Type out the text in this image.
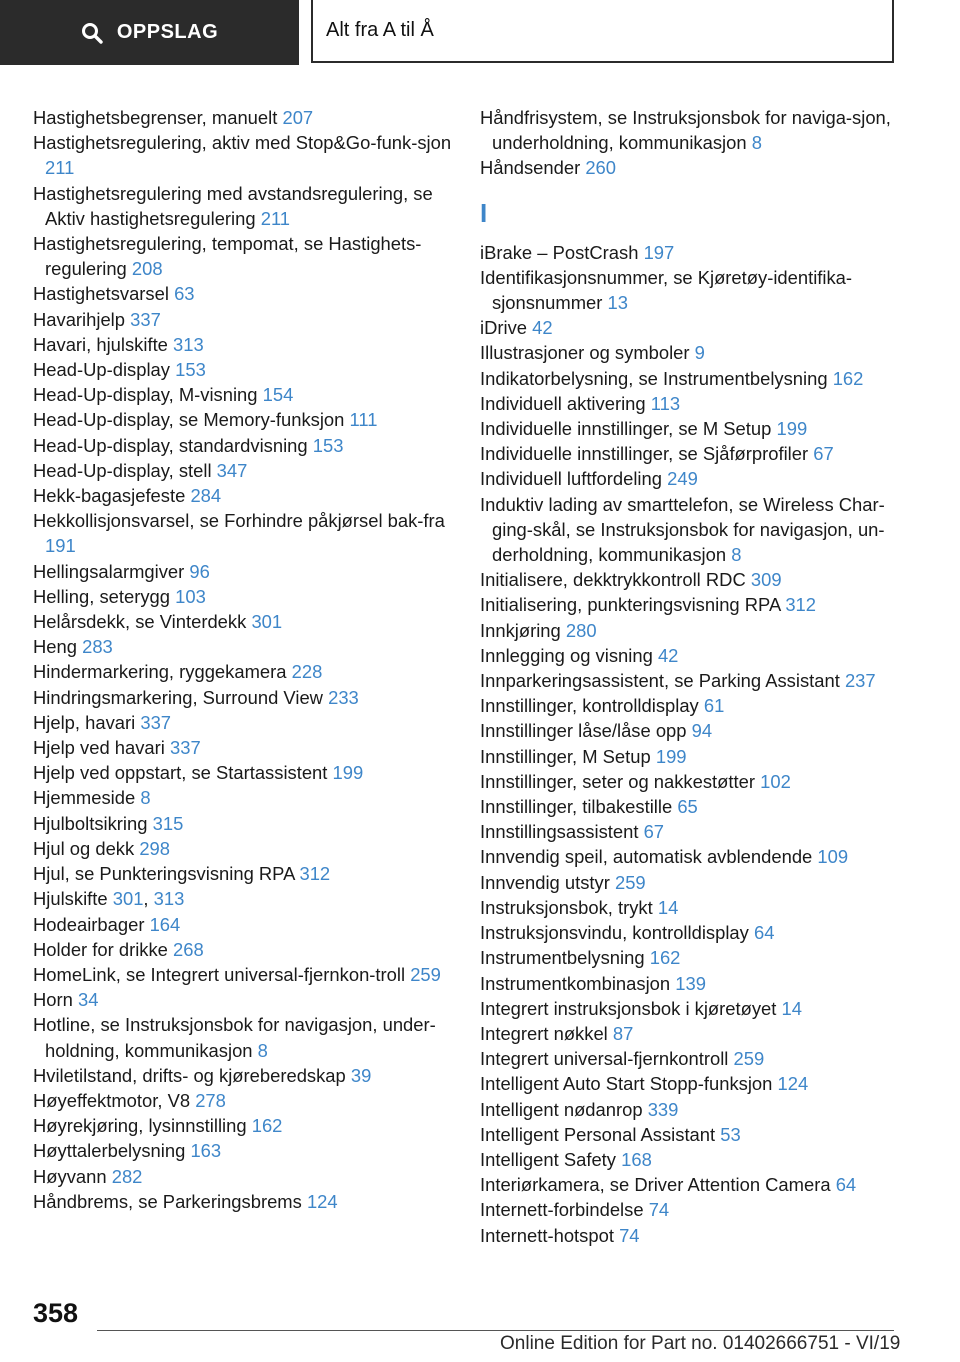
OPPSLAG	Alt fra A til Å

Hastighetsbegrenser, manuelt 207

Hastighetsregulering, aktiv med Stop&Go-funk-sjon 211

Hastighetsregulering med avstandsregulering, se Aktiv hastighetsregulering 211

Hastighetsregulering, tempomat, se Hastighets-regulering 208

Hastighetsvarsel 63

Havarihjelp 337

Havari, hjulskifte 313

Head-Up-display 153

Head-Up-display, M-visning 154

Head-Up-display, se Memory-funksjon 111

Head-Up-display, standardvisning 153

Head-Up-display, stell 347

Hekk-bagasjefeste 284

Hekkollisjonsvarsel, se Forhindre påkjørsel bak-fra 191

Hellingsalarmgiver 96

Helling, seterygg 103

Helårsdekk, se Vinterdekk 301

Heng 283

Hindermarkering, ryggekamera 228

Hindringsmarkering, Surround View 233

Hjelp, havari 337

Hjelp ved havari 337

Hjelp ved oppstart, se Startassistent 199

Hjemmeside 8

Hjulboltsikring 315

Hjul og dekk 298

Hjul, se Punkteringsvisning RPA 312

Hjulskifte 301, 313

Hodeairbager 164

Holder for drikke 268

HomeLink, se Integrert universal-fjernkon-troll 259

Horn 34

Hotline, se Instruksjonsbok for navigasjon, under-holdning, kommunikasjon 8

Hviletilstand, drifts- og kjøreberedskap 39

Høyeffektmotor, V8 278

Høyrekjøring, lysinnstilling 162

Høyttalerbelysning 163

Høyvann 282

Håndbrems, se Parkeringsbrems 124

Håndfrisystem, se Instruksjonsbok for naviga-sjon, underholdning, kommunikasjon 8

Håndsender 260

I

iBrake – PostCrash 197

Identifikasjonsnummer, se Kjøretøy-identifika-sjonsnummer 13

iDrive 42

Illustrasjoner og symboler 9

Indikatorbelysning, se Instrumentbelysning 162

Individuell aktivering 113

Individuelle innstillinger, se M Setup 199

Individuelle innstillinger, se Sjåførprofiler 67

Individuell luftfordeling 249

Induktiv lading av smarttelefon, se Wireless Char-ging-skål, se Instruksjonsbok for navigasjon, un-derholdning, kommunikasjon 8

Initialisere, dekktrykkontroll RDC 309

Initialisering, punkteringsvisning RPA 312

Innkjøring 280

Innlegging og visning 42

Innparkeringsassistent, se Parking Assistant 237

Innstillinger, kontrolldisplay 61

Innstillinger låse/låse opp 94

Innstillinger, M Setup 199

Innstillinger, seter og nakkestøtter 102

Innstillinger, tilbakestille 65

Innstillingsassistent 67

Innvendig speil, automatisk avblendende 109

Innvendig utstyr 259

Instruksjonsbok, trykt 14

Instruksjonsvindu, kontrolldisplay 64

Instrumentbelysning 162

Instrumentkombinasjon 139

Integrert instruksjonsbok i kjøretøyet 14

Integrert nøkkel 87

Integrert universal-fjernkontroll 259

Intelligent Auto Start Stopp-funksjon 124

Intelligent nødanrop 339

Intelligent Personal Assistant 53

Intelligent Safety 168

Interiørkamera, se Driver Attention Camera 64

Internett-forbindelse 74

Internett-hotspot 74

358
Online Edition for Part no. 01402666751 - VI/19
